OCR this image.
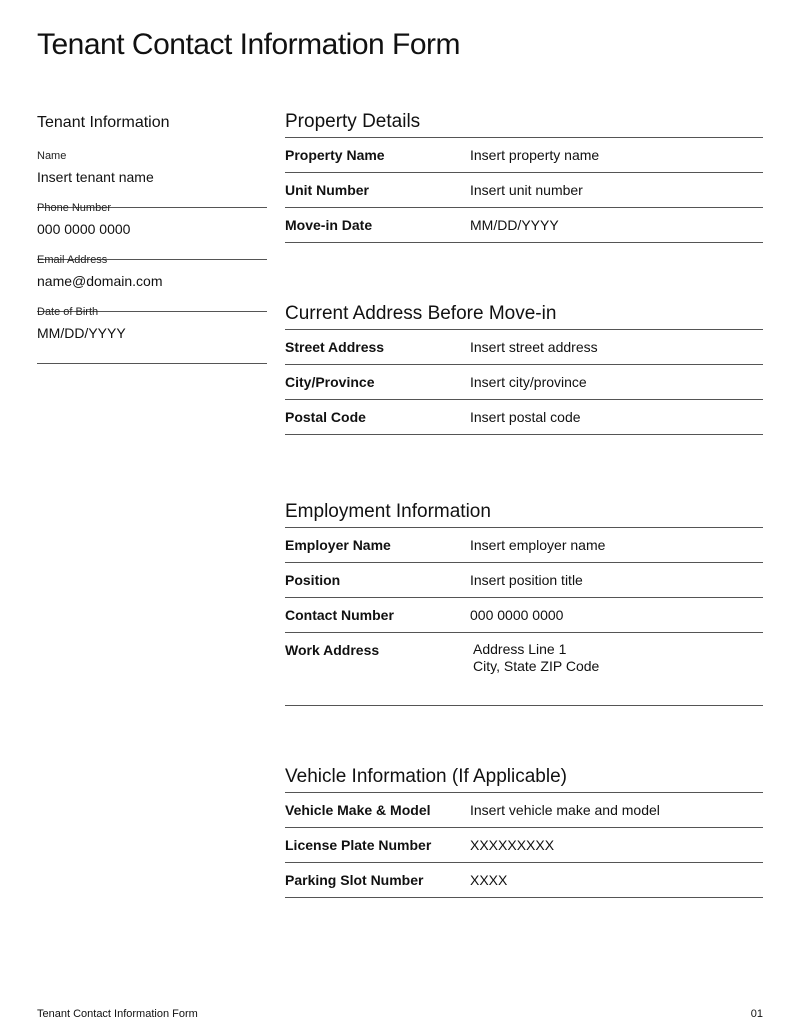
Tenant Contact Information Form
Tenant Information
Name
Insert tenant name
Phone Number
000 0000 0000
Email Address
name@domain.com
Date of Birth
MM/DD/YYYY
Property Details
Property Name	Insert property name
Unit Number	Insert unit number
Move-in Date	MM/DD/YYYY
Current Address Before Move-in
Street Address	Insert street address
City/Province	Insert city/province
Postal Code	Insert postal code
Employment Information
Employer Name	Insert employer name
Position	Insert position title
Contact Number	000 0000 0000
Work Address	Address Line 1
City, State ZIP Code
Vehicle Information (If Applicable)
Vehicle Make & Model	Insert vehicle make and model
License Plate Number	XXXXXXXXX
Parking Slot Number	XXXX
Tenant Contact Information Form	01
